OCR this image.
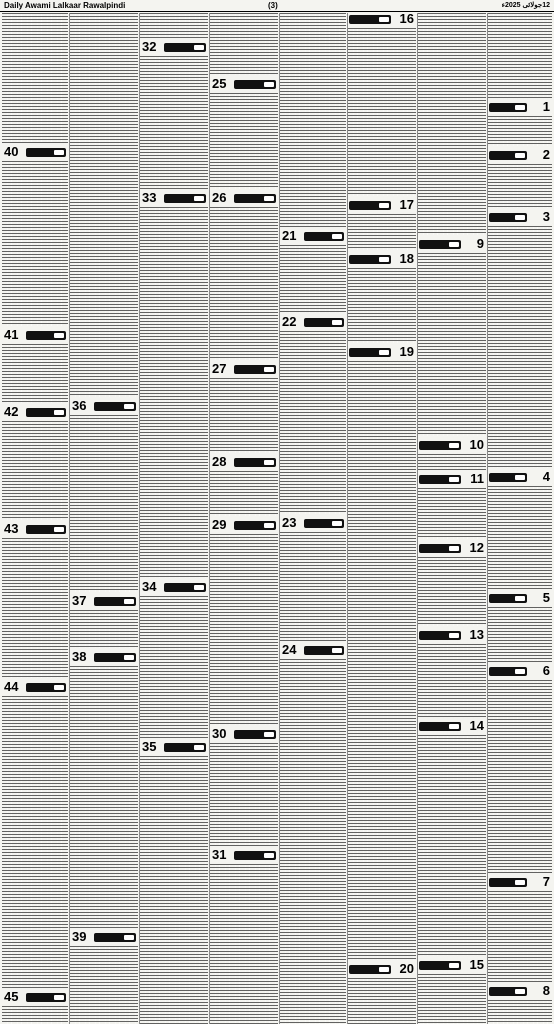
Daily Awami Lalkaar Rawalpindi	(3)	12جولائی 2025ء
40
41
42
43
44
45
36
37
38
39
32
33
34
35
25
26
27
28
29
30
31
21
22
23
24
16
17
18
19
20
9
10
11
12
13
14
15
1
2
3
4
5
6
7
8
